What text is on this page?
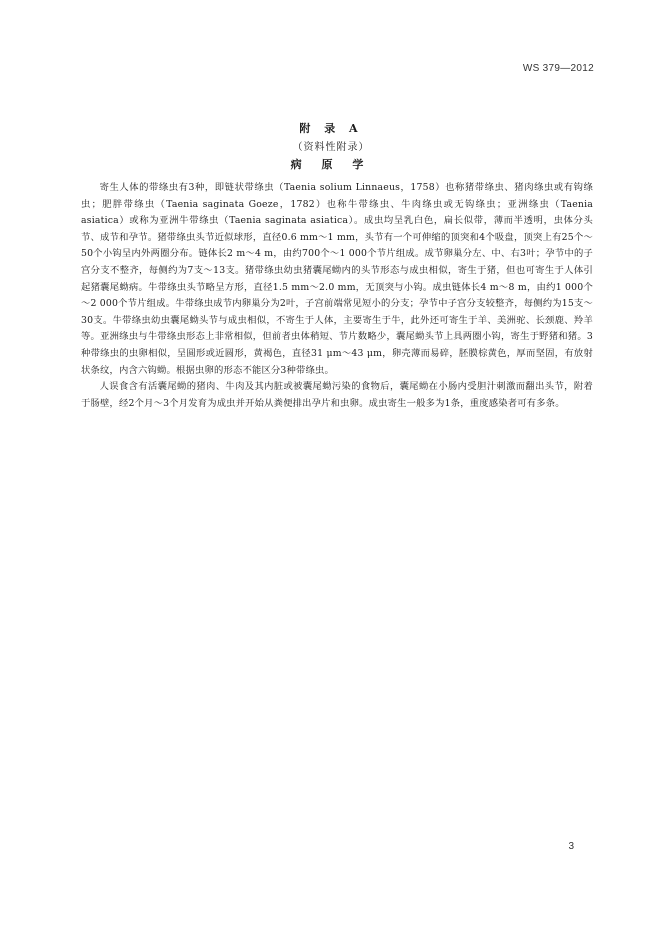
WS 379—2012
附 录 A
（资料性附录）
病 原 学

寄生人体的带绦虫有3种，即链状带绦虫（Taenia solium Linnaeus，1758）也称猪带绦虫、猪肉绦虫或有钩绦虫；肥胖带绦虫（Taenia saginata Goeze，1782）也称牛带绦虫、牛肉绦虫或无钩绦虫；亚洲绦虫（Taenia asiatica）或称为亚洲牛带绦虫（Taenia saginata asiatica）。成虫均呈乳白色，扁长似带，薄而半透明，虫体分头节、成节和孕节。猪带绦虫头节近似球形，直径0.6 mm～1 mm，头节有一个可伸缩的顶突和4个吸盘，顶突上有25个～50个小钩呈内外两圈分布。链体长2 m～4 m，由约700个～1 000个节片组成。成节卵巢分左、中、右3叶；孕节中的子宫分支不整齐，每侧约为7支～13支。猪带绦虫幼虫猪囊尾蚴内的头节形态与成虫相似，寄生于猪，但也可寄生于人体引起猪囊尾蚴病。牛带绦虫头节略呈方形，直径1.5 mm～2.0 mm，无顶突与小钩。成虫链体长4 m～8 m，由约1 000个～2 000个节片组成。牛带绦虫成节内卵巢分为2叶，子宫前端常见短小的分支；孕节中子宫分支较整齐，每侧约为15支～30支。牛带绦虫幼虫囊尾蚴头节与成虫相似，不寄生于人体，主要寄生于牛，此外还可寄生于羊、美洲驼、长颈鹿、羚羊等。亚洲绦虫与牛带绦虫形态上非常相似，但前者虫体稍短、节片数略少，囊尾蚴头节上具两圈小钩，寄生于野猪和猪。3种带绦虫的虫卵相似，呈圆形或近圆形，黄褐色，直径31 μm～43 μm，卵壳薄而易碎，胚膜棕黄色，厚而坚固，有放射状条纹，内含六钩蚴。根据虫卵的形态不能区分3种带绦虫。

人误食含有活囊尾蚴的猪肉、牛肉及其内脏或被囊尾蚴污染的食物后，囊尾蚴在小肠内受胆汁刺激而翻出头节，附着于肠壁，经2个月～3个月发育为成虫并开始从粪便排出孕片和虫卵。成虫寄生一般多为1条，重度感染者可有多条。

3
